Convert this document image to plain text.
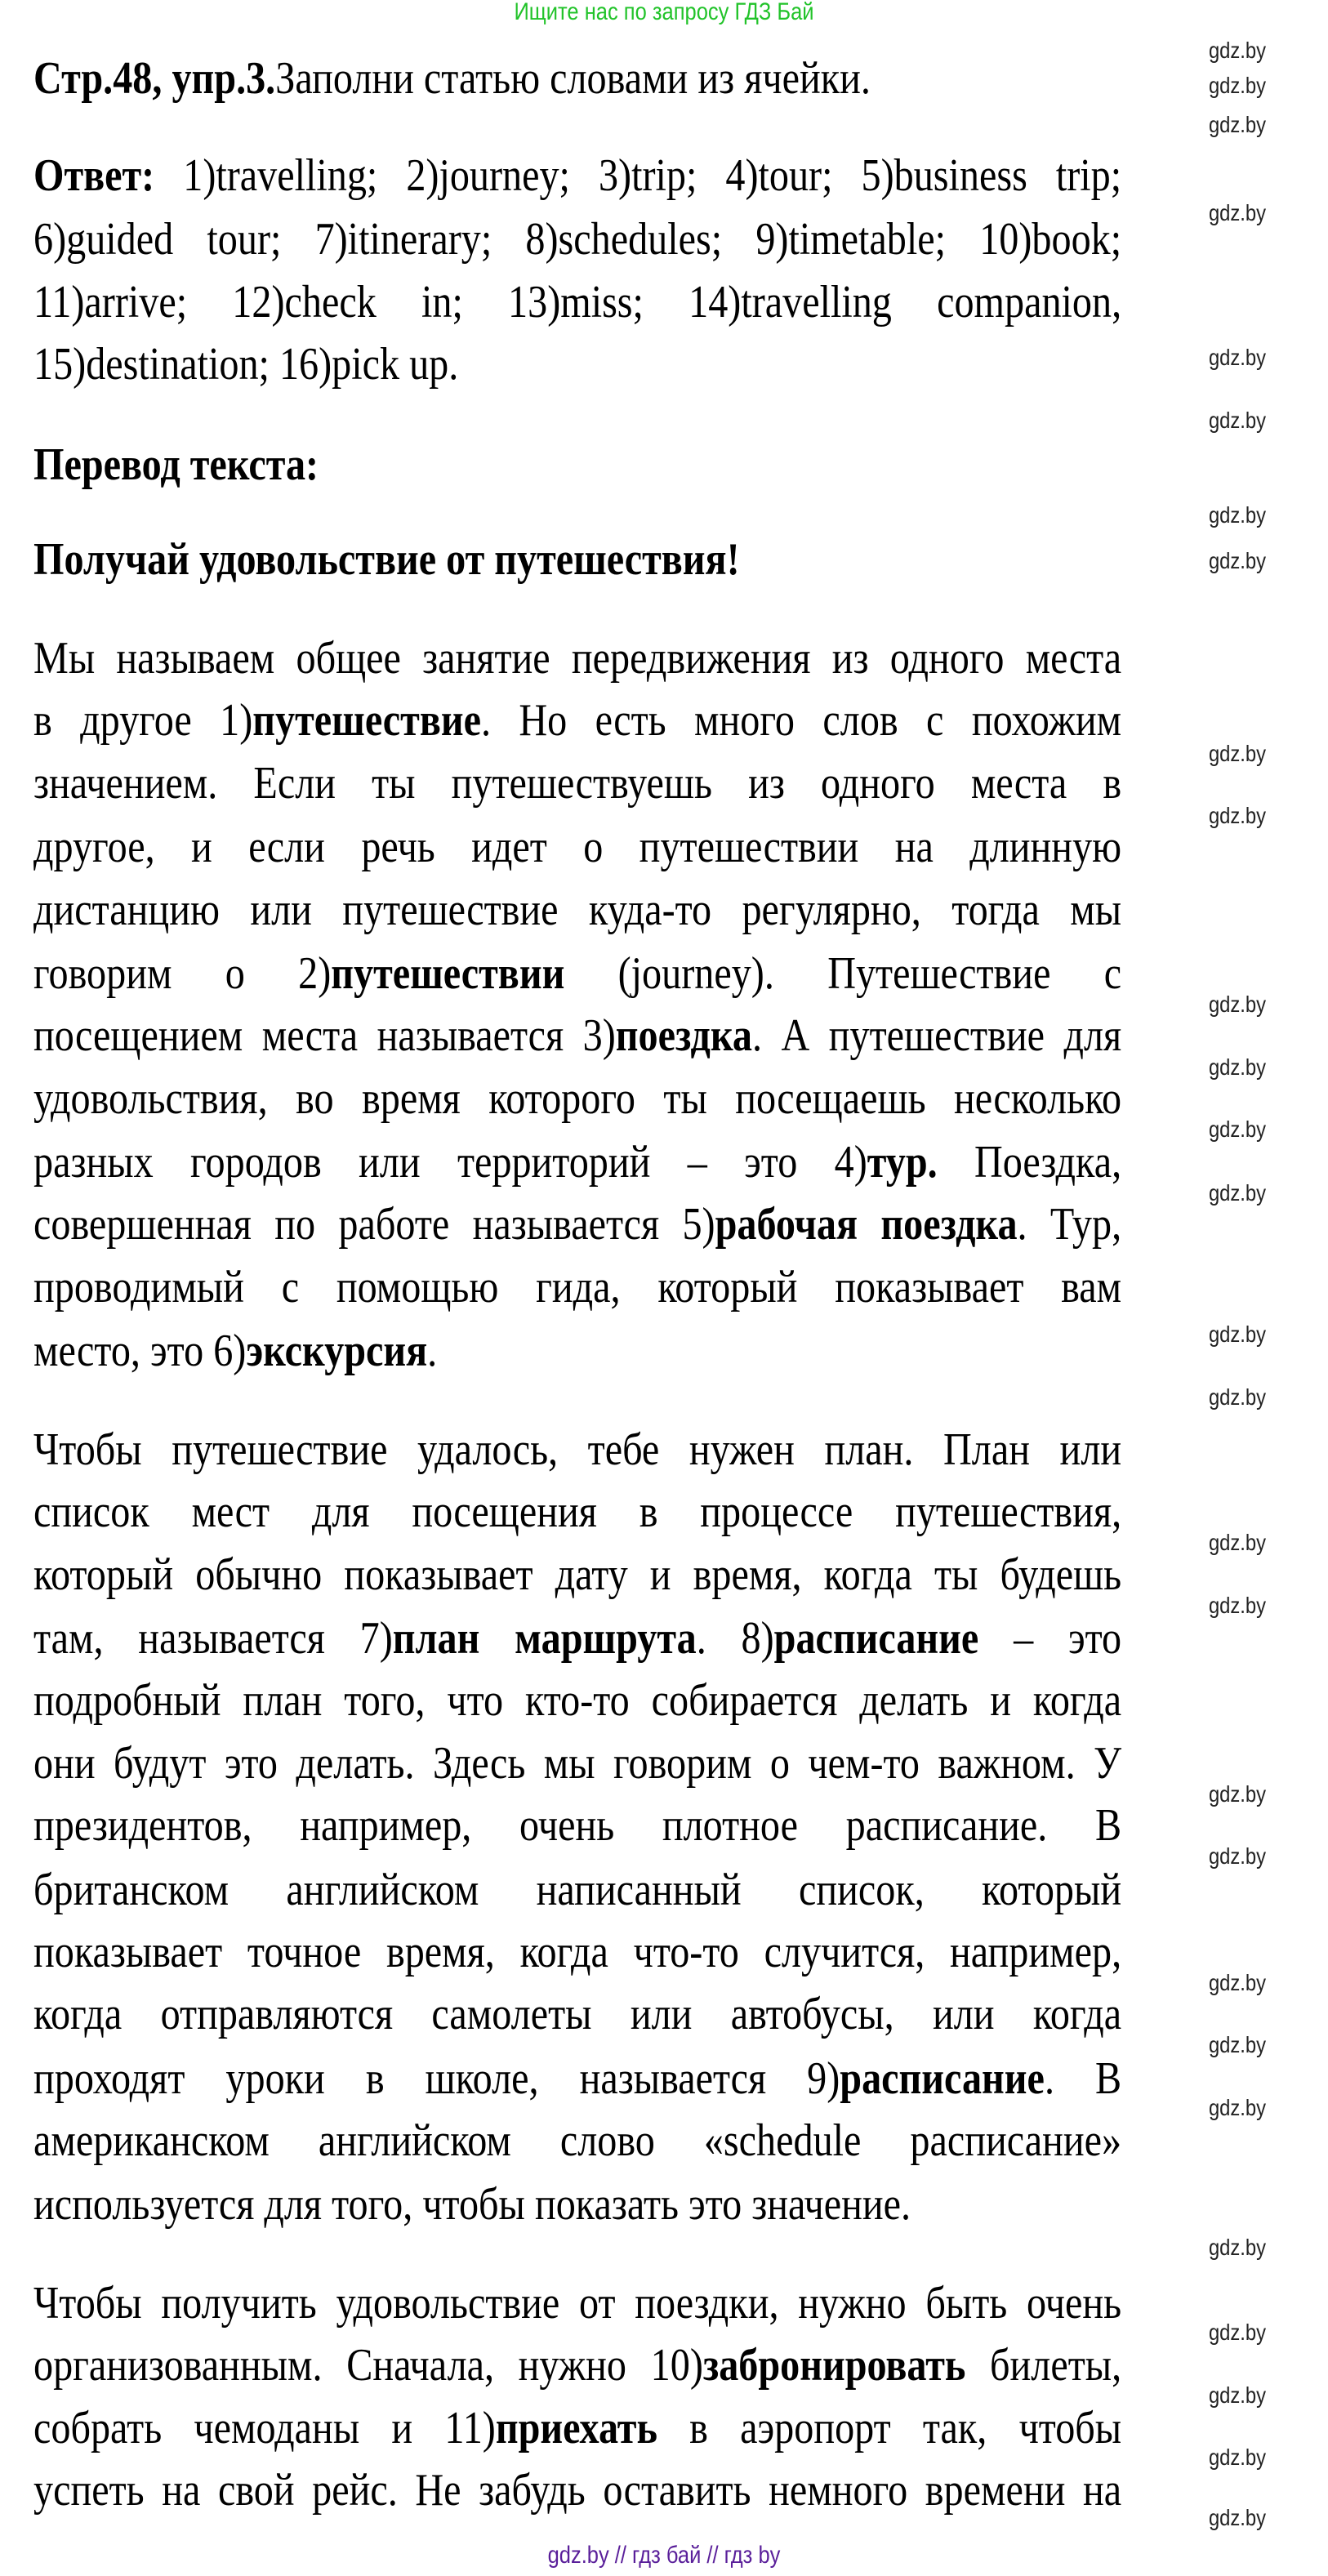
Ищите нас по запросу ГДЗ Бай
Стр.48, упр.3.Заполни статью словами из ячейки.
Ответ: 1)travelling; 2)journey; 3)trip; 4)tour; 5)business trip;
6)guided tour; 7)itinerary; 8)schedules; 9)timetable; 10)book;
11)arrive; 12)check in; 13)miss; 14)travelling companion,
15)destination; 16)pick up.
Перевод текста:
Получай удовольствие от путешествия!
Мы называем общее занятие передвижения из одного места
в другое 1)путешествие. Но есть много слов с похожим
значением. Если ты путешествуешь из одного места в
другое, и если речь идет о путешествии на длинную
дистанцию или путешествие куда-то регулярно, тогда мы
говорим о 2)путешествии (journey). Путешествие с
посещением места называется 3)поездка. А путешествие для
удовольствия, во время которого ты посещаешь несколько
разных городов или территорий – это 4)тур. Поездка,
совершенная по работе называется 5)рабочая поездка. Тур,
проводимый с помощью гида, который показывает вам
место, это 6)экскурсия.
Чтобы путешествие удалось, тебе нужен план. План или
список мест для посещения в процессе путешествия,
который обычно показывает дату и время, когда ты будешь
там, называется 7)план маршрута. 8)расписание – это
подробный план того, что кто-то собирается делать и когда
они будут это делать. Здесь мы говорим о чем-то важном. У
президентов, например, очень плотное расписание. В
британском английском написанный список, который
показывает точное время, когда что-то случится, например,
когда отправляются самолеты или автобусы, или когда
проходят уроки в школе, называется 9)расписание. В
американском английском слово «schedule расписание»
используется для того, чтобы показать это значение.
Чтобы получить удовольствие от поездки, нужно быть очень
организованным. Сначала, нужно 10)забронировать билеты,
собрать чемоданы и 11)приехать в аэропорт так, чтобы
успеть на свой рейс. Не забудь оставить немного времени на
gdz.by
gdz.by
gdz.by
gdz.by
gdz.by
gdz.by
gdz.by
gdz.by
gdz.by
gdz.by
gdz.by
gdz.by
gdz.by
gdz.by
gdz.by
gdz.by
gdz.by
gdz.by
gdz.by
gdz.by
gdz.by
gdz.by
gdz.by
gdz.by
gdz.by
gdz.by
gdz.by
gdz.by
gdz.by // гдз бай // гдз by
